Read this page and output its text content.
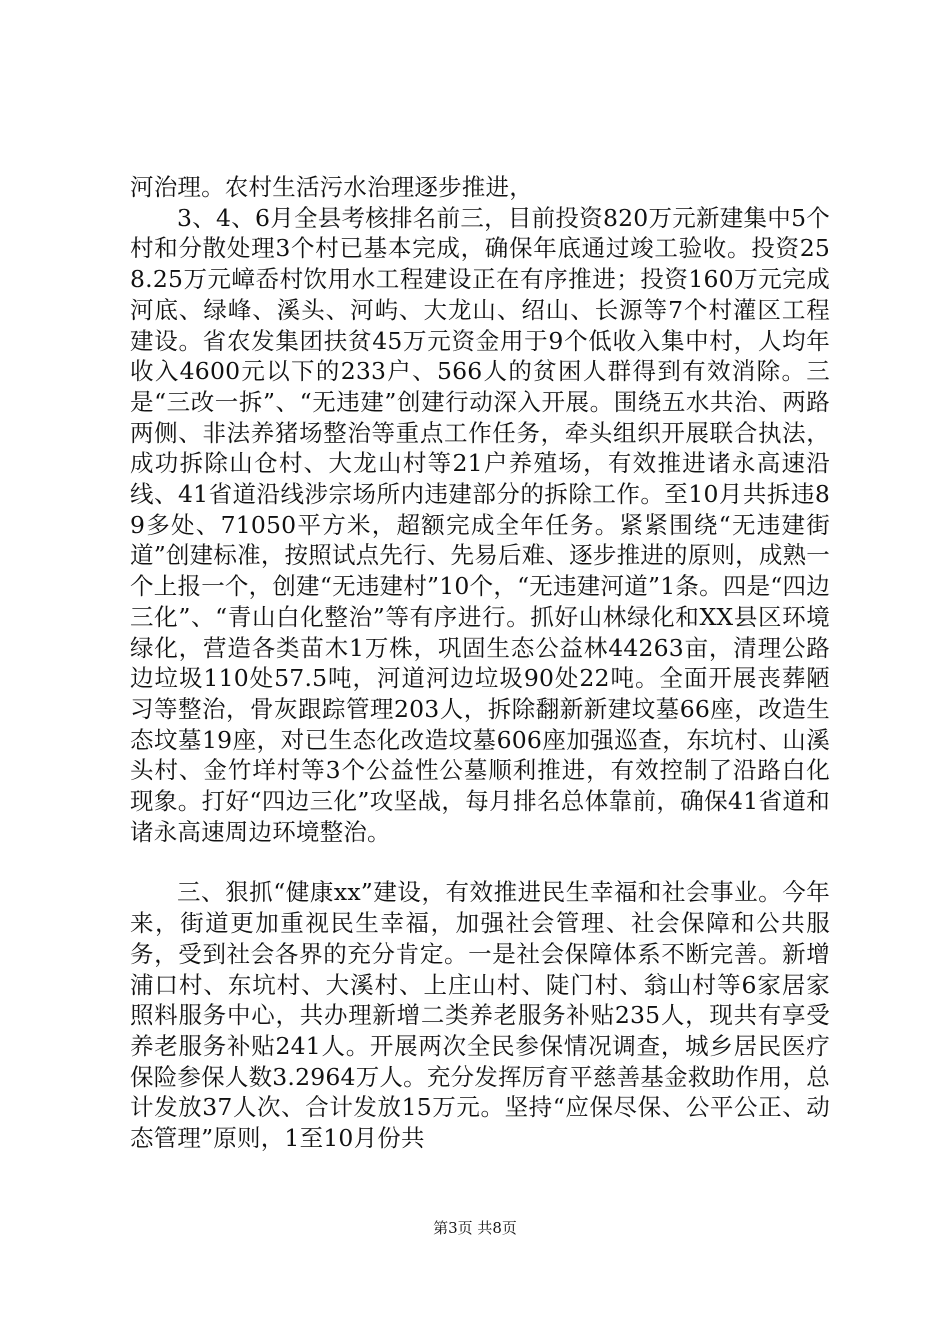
河治理。农村生活污水治理逐步推进，

3、4、6月全县考核排名前三，目前投资820万元新建集中5个村和分散处理3个村已基本完成，确保年底通过竣工验收。投资258.25万元嶂岙村饮用水工程建设正在有序推进；投资160万元完成河底、绿峰、溪头、河屿、大龙山、绍山、长源等7个村灌区工程建设。省农发集团扶贫45万元资金用于9个低收入集中村，人均年收入4600元以下的233户、566人的贫困人群得到有效消除。三是“三改一拆”、“无违建”创建行动深入开展。围绕五水共治、两路两侧、非法养猪场整治等重点工作任务，牵头组织开展联合执法，成功拆除山仓村、大龙山村等21户养殖场，有效推进诸永高速沿线、41省道沿线涉宗场所内违建部分的拆除工作。至10月共拆违89多处、71050平方米，超额完成全年任务。紧紧围绕“无违建街道”创建标准，按照试点先行、先易后难、逐步推进的原则，成熟一个上报一个，创建“无违建村”10个，“无违建河道”1条。四是“四边三化”、“青山白化整治”等有序进行。抓好山林绿化和XX县区环境绿化，营造各类苗木1万株，巩固生态公益林44263亩，清理公路边垃圾110处57.5吨，河道河边垃圾90处22吨。全面开展丧葬陋习等整治，骨灰跟踪管理203人，拆除翻新新建坟墓66座，改造生态坟墓19座，对已生态化改造坟墓606座加强巡查，东坑村、山溪头村、金竹垟村等3个公益性公墓顺利推进，有效控制了沿路白化现象。打好“四边三化”攻坚战，每月排名总体靠前，确保41省道和诸永高速周边环境整治。

三、狠抓“健康xx”建设，有效推进民生幸福和社会事业。今年来，街道更加重视民生幸福，加强社会管理、社会保障和公共服务，受到社会各界的充分肯定。一是社会保障体系不断完善。新增浦口村、东坑村、大溪村、上庄山村、陡门村、翁山村等6家居家照料服务中心，共办理新增二类养老服务补贴235人，现共有享受养老服务补贴241人。开展两次全民参保情况调查，城乡居民医疗保险参保人数3.2964万人。充分发挥厉育平慈善基金救助作用，总计发放37人次、合计发放15万元。坚持“应保尽保、公平公正、动态管理”原则，1至10月份共

第3页 共8页
